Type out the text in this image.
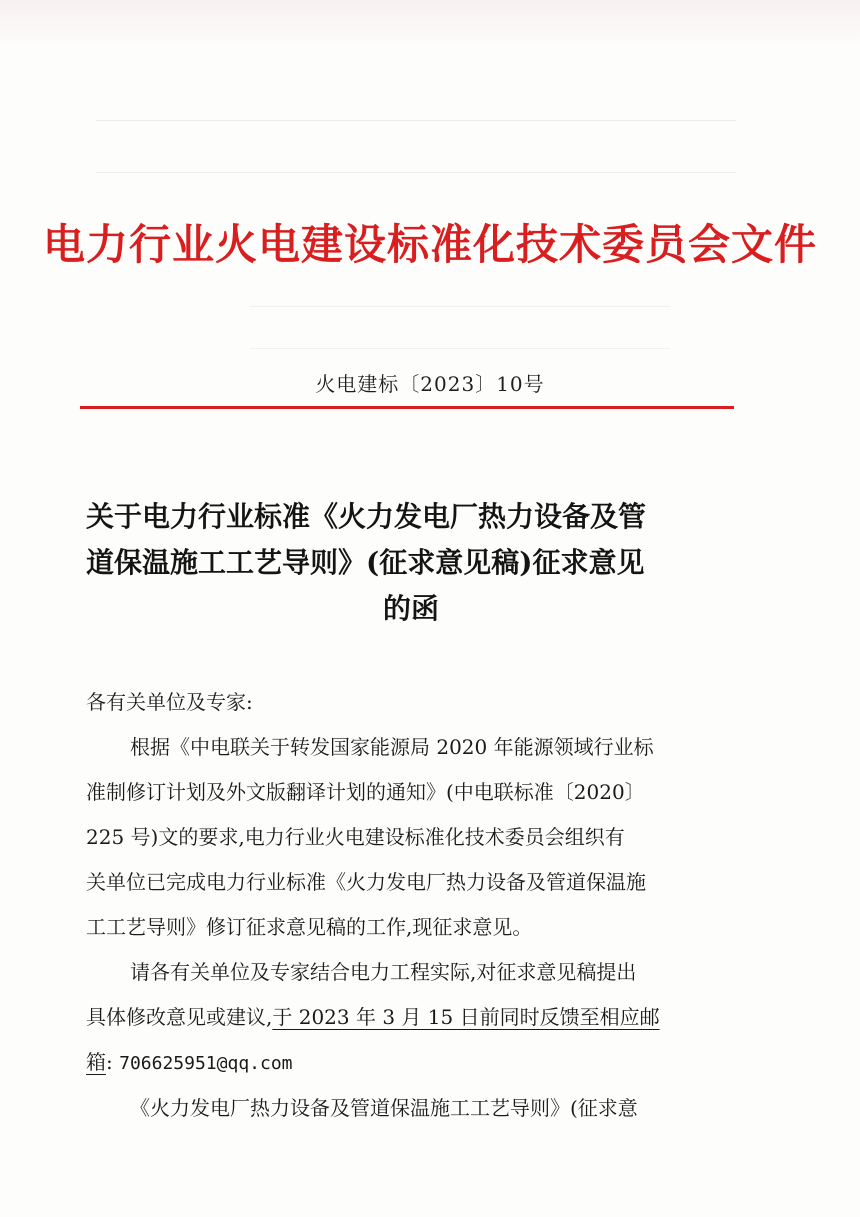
电力行业火电建设标准化技术委员会文件
火电建标〔2023〕10号
关于电力行业标准《火力发电厂热力设备及管
道保温施工工艺导则》(征求意见稿)征求意见
的函
各有关单位及专家:
根据《中电联关于转发国家能源局 2020 年能源领域行业标
准制修订计划及外文版翻译计划的通知》(中电联标准〔2020〕
225 号)文的要求,电力行业火电建设标准化技术委员会组织有
关单位已完成电力行业标准《火力发电厂热力设备及管道保温施
工工艺导则》修订征求意见稿的工作,现征求意见。
请各有关单位及专家结合电力工程实际,对征求意见稿提出
具体修改意见或建议,于 2023 年 3 月 15 日前同时反馈至相应邮
箱: 706625951@qq.com
《火力发电厂热力设备及管道保温施工工艺导则》(征求意
